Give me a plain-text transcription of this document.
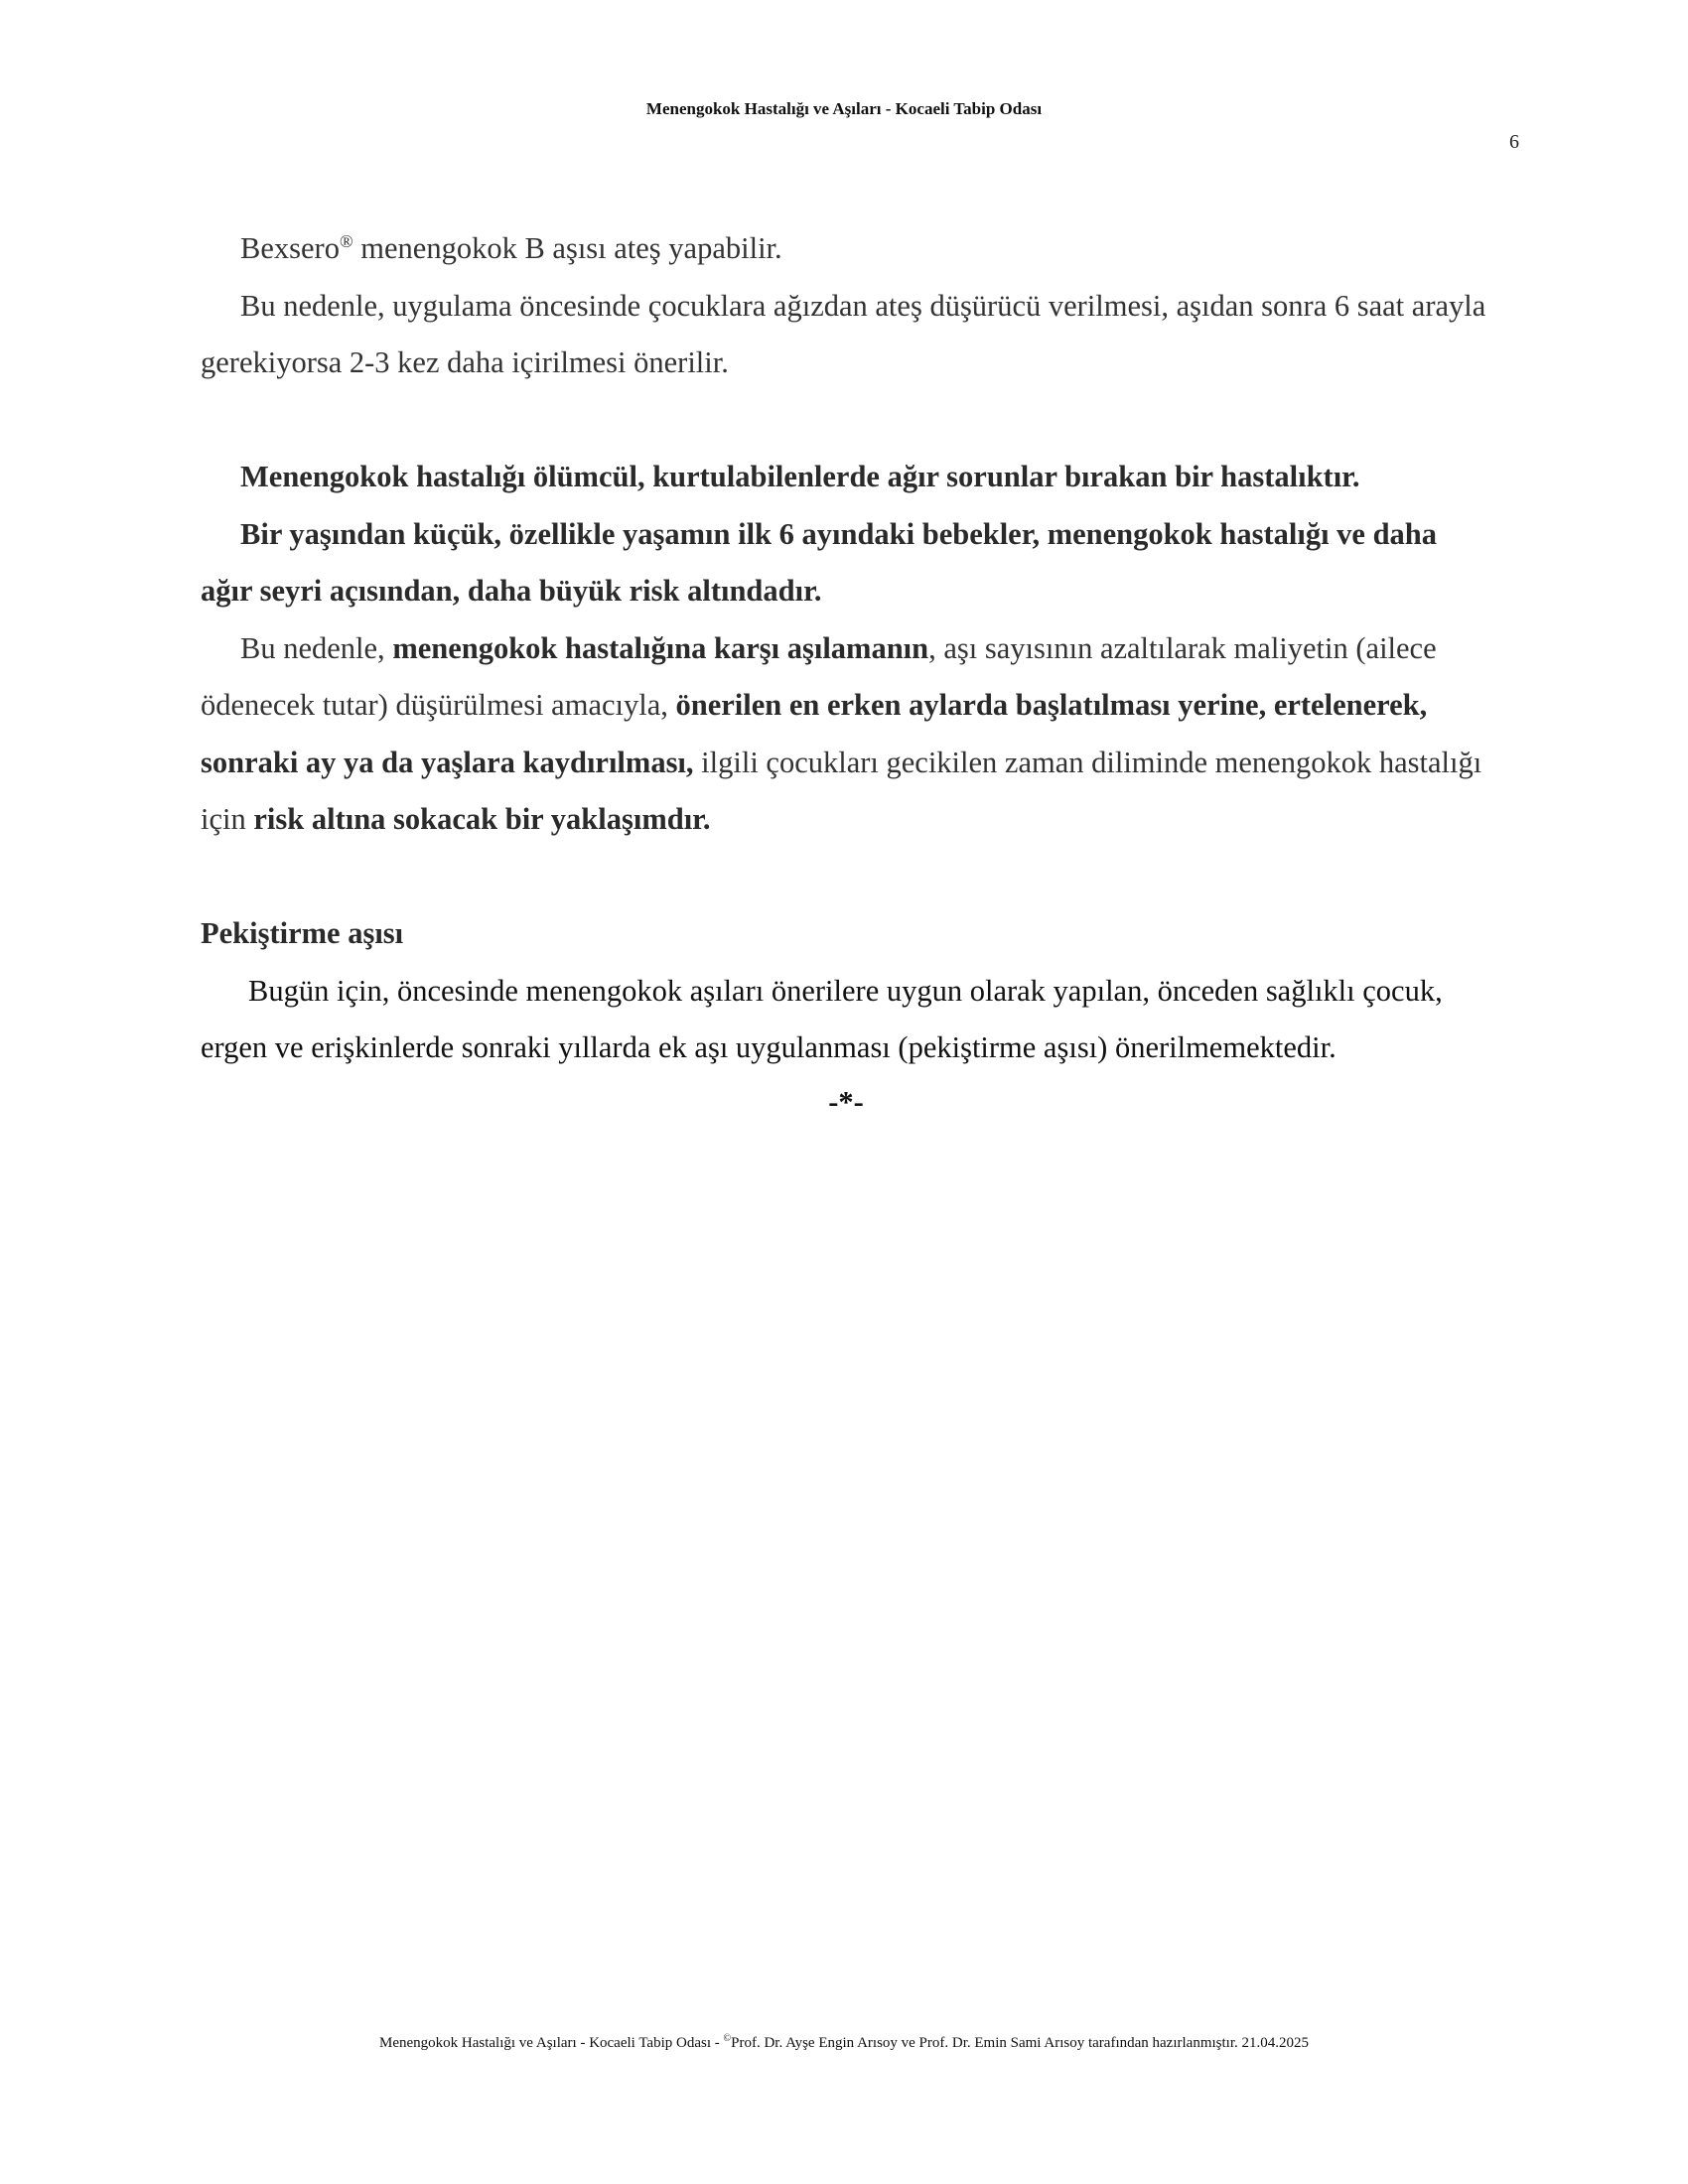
Menengokok Hastalığı ve Aşıları - Kocaeli Tabip Odası
6

Bexsero® menengokok B aşısı ateş yapabilir.

Bu nedenle, uygulama öncesinde çocuklara ağızdan ateş düşürücü verilmesi, aşıdan sonra 6 saat arayla gerekiyorsa 2-3 kez daha içirilmesi önerilir.

Menengokok hastalığı ölümcül, kurtulabilenlerde ağır sorunlar bırakan bir hastalıktır.

Bir yaşından küçük, özellikle yaşamın ilk 6 ayındaki bebekler, menengokok hastalığı ve daha ağır seyri açısından, daha büyük risk altındadır.

Bu nedenle, menengokok hastalığına karşı aşılamanın, aşı sayısının azaltılarak maliyetin (ailece ödenecek tutar) düşürülmesi amacıyla, önerilen en erken aylarda başlatılması yerine, ertelenerek, sonraki ay ya da yaşlara kaydırılması, ilgili çocukları gecikilen zaman diliminde menengokok hastalığı için risk altına sokacak bir yaklaşımdır.

Pekiştirme aşısı

Bugün için, öncesinde menengokok aşıları önerilere uygun olarak yapılan, önceden sağlıklı çocuk, ergen ve erişkinlerde sonraki yıllarda ek aşı uygulanması (pekiştirme aşısı) önerilmemektedir.

-*-

Menengokok Hastalığı ve Aşıları - Kocaeli Tabip Odası - ©Prof. Dr. Ayşe Engin Arısoy ve Prof. Dr. Emin Sami Arısoy tarafından hazırlanmıştır. 21.04.2025
